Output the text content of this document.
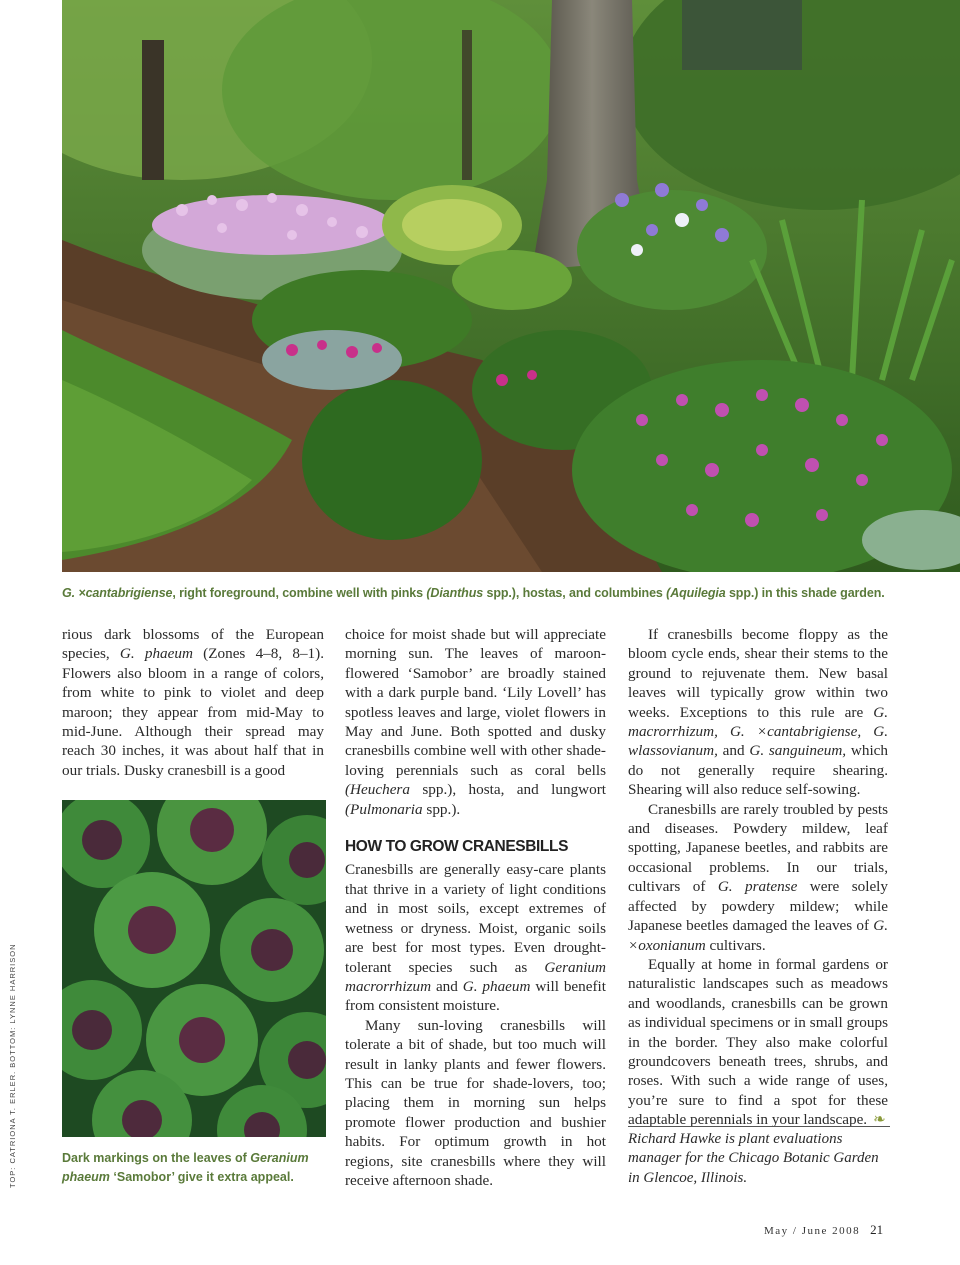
G. ×cantabrigiense, right foreground, combine well with pinks (Dianthus spp.), hostas, and columbines (Aquilegia spp.) in this shade garden.

rious dark blossoms of the European species, G. phaeum (Zones 4–8, 8–1). Flowers also bloom in a range of colors, from white to pink to violet and deep maroon; they appear from mid-May to mid-June. Although their spread may reach 30 inches, it was about half that in our trials. Dusky cranesbill is a good

Dark markings on the leaves of Geranium phaeum ‘Samobor’ give it extra appeal.
TOP: CATRIONA T. ERLER. BOTTOM: LYNNE HARRISON

choice for moist shade but will appreciate morning sun. The leaves of maroon-flowered ‘Samobor’ are broadly stained with a dark purple band. ‘Lily Lovell’ has spotless leaves and large, violet flowers in May and June. Both spotted and dusky cranesbills combine well with other shade-loving perennials such as coral bells (Heuchera spp.), hosta, and lungwort (Pulmonaria spp.).

HOW TO GROW CRANESBILLS

Cranesbills are generally easy-care plants that thrive in a variety of light conditions and in most soils, except extremes of wetness or dryness. Moist, organic soils are best for most types. Even drought-tolerant species such as Geranium macrorrhizum and G. phaeum will benefit from consistent moisture.

Many sun-loving cranesbills will tolerate a bit of shade, but too much will result in lanky plants and fewer flowers. This can be true for shade-lovers, too; placing them in morning sun helps promote flower production and bushier habits. For optimum growth in hot regions, site cranesbills where they will receive afternoon shade.

If cranesbills become floppy as the bloom cycle ends, shear their stems to the ground to rejuvenate them. New basal leaves will typically grow within two weeks. Exceptions to this rule are G. macrorrhizum, G. ×cantabrigiense, G. wlassovianum, and G. sanguineum, which do not generally require shearing. Shearing will also reduce self-sowing.

Cranesbills are rarely troubled by pests and diseases. Powdery mildew, leaf spotting, Japanese beetles, and rabbits are occasional problems. In our trials, cultivars of G. pratense were solely affected by powdery mildew; while Japanese beetles damaged the leaves of G. ×oxonianum cultivars.

Equally at home in formal gardens or naturalistic landscapes such as meadows and woodlands, cranesbills can be grown as individual specimens or in small groups in the border. They also make colorful groundcovers beneath trees, shrubs, and roses. With such a wide range of uses, you’re sure to find a spot for these adaptable perennials in your landscape. ❧

Richard Hawke is plant evaluations manager for the Chicago Botanic Garden in Glencoe, Illinois.
May / June 2008 21
